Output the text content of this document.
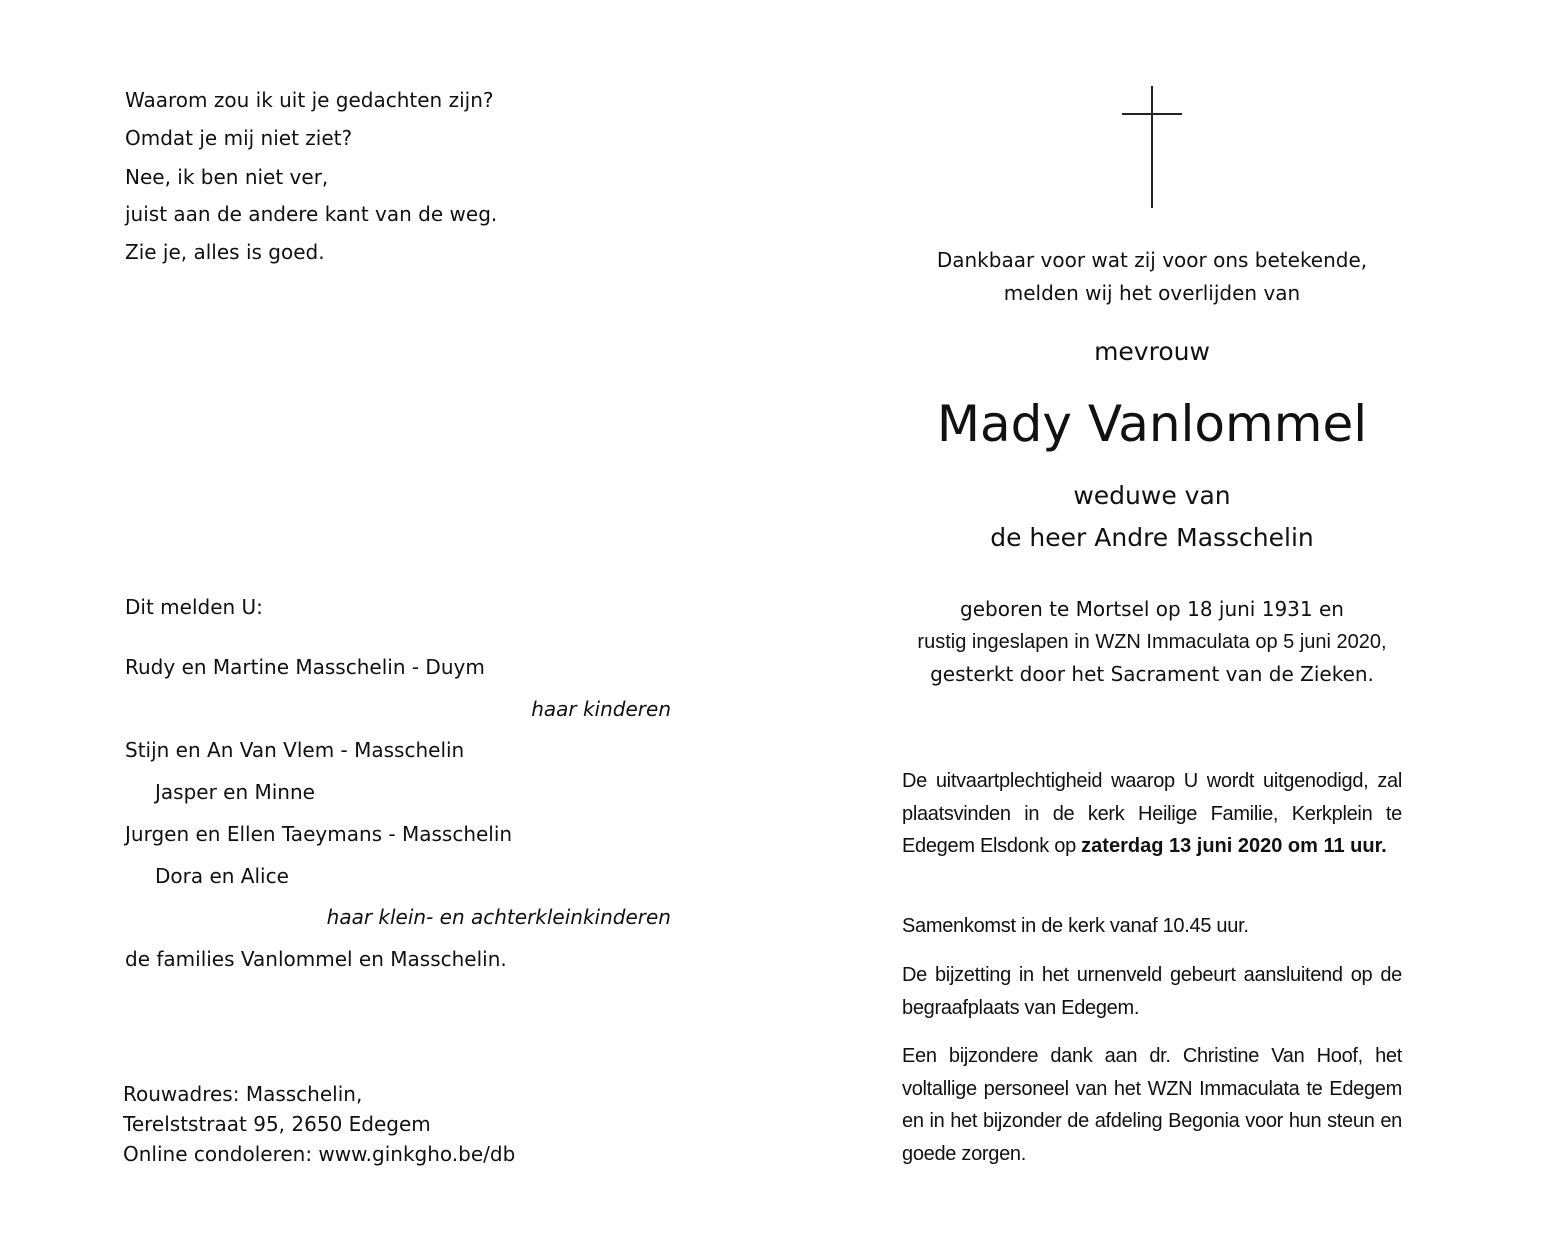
Waarom zou ik uit je gedachten zijn?
Omdat je mij niet ziet?
Nee, ik ben niet ver,
juist aan de andere kant van de weg.
Zie je, alles is goed.
Dit melden U:
Rudy en Martine Masschelin - Duym
haar kinderen
Stijn en An Van Vlem - Masschelin
Jasper en Minne
Jurgen en Ellen Taeymans - Masschelin
Dora en Alice
haar klein- en achterkleinkinderen
de families Vanlommel en Masschelin.
Rouwadres: Masschelin,
Terelststraat 95, 2650 Edegem
Online condoleren: www.ginkgho.be/db
Dankbaar voor wat zij voor ons betekende,
melden wij het overlijden van
mevrouw
Mady Vanlommel
weduwe van
de heer Andre Masschelin
geboren te Mortsel op 18 juni 1931 en
rustig ingeslapen in WZN Immaculata op 5 juni 2020,
gesterkt door het Sacrament van de Zieken.
De uitvaartplechtigheid waarop U wordt uitgenodigd, zal plaatsvinden in de kerk Heilige Familie, Kerkplein te Edegem Elsdonk op zaterdag 13 juni 2020 om 11 uur.
Samenkomst in de kerk vanaf 10.45 uur.
De bijzetting in het urnenveld gebeurt aansluitend op de begraafplaats van Edegem.
Een bijzondere dank aan dr. Christine Van Hoof, het voltallige personeel van het WZN Immaculata te Edegem en in het bijzonder de afdeling Begonia voor hun steun en goede zorgen.
